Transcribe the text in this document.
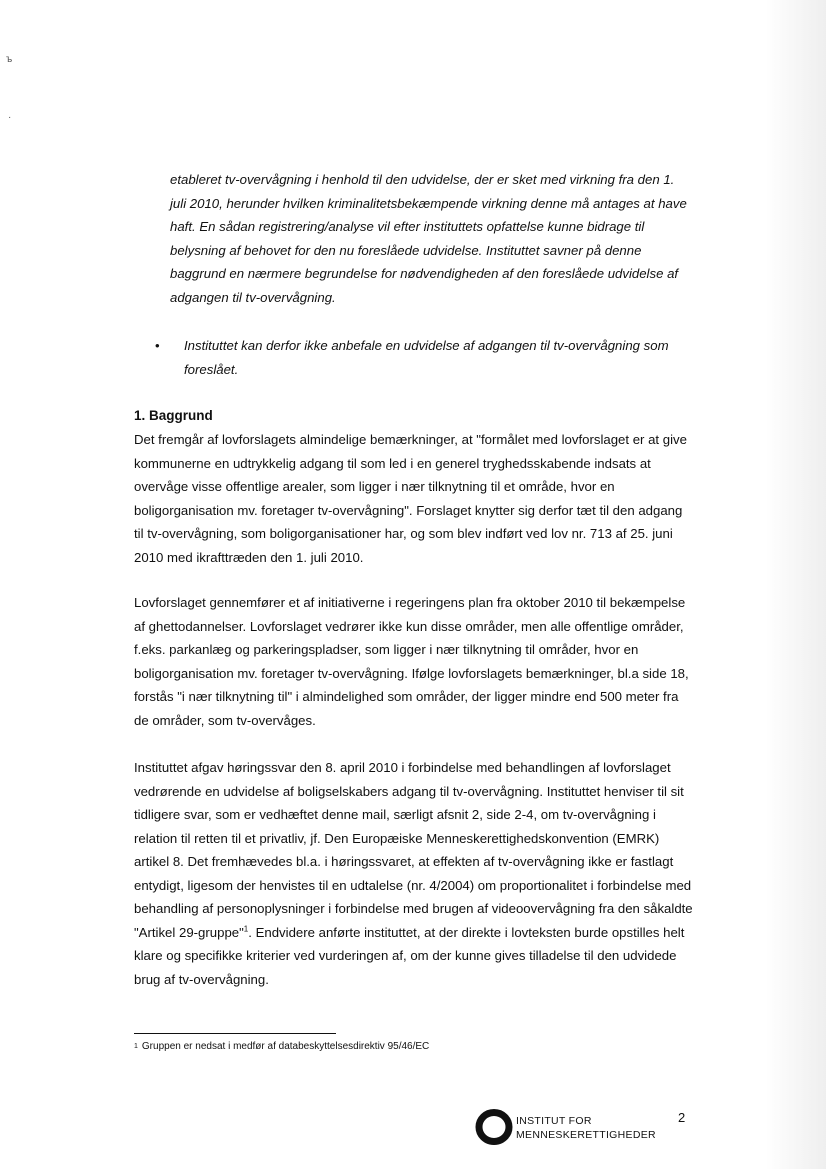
ъ
·
etableret tv-overvågning i henhold til den udvidelse, der er sket med virkning fra den 1. juli 2010, herunder hvilken kriminalitetsbekæmpende virkning denne må antages at have haft. En sådan registrering/analyse vil efter instituttets opfattelse kunne bidrage til belysning af behovet for den nu foreslåede udvidelse. Instituttet savner på denne baggrund en nærmere begrundelse for nødvendigheden af den foreslåede udvidelse af adgangen til tv-overvågning.
• Instituttet kan derfor ikke anbefale en udvidelse af adgangen til tv-overvågning som foreslået.
1. Baggrund
Det fremgår af lovforslagets almindelige bemærkninger, at "formålet med lovforslaget er at give kommunerne en udtrykkelig adgang til som led i en generel tryghedsskabende indsats at overvåge visse offentlige arealer, som ligger i nær tilknytning til et område, hvor en boligorganisation mv. foretager tv-overvågning". Forslaget knytter sig derfor tæt til den adgang til tv-overvågning, som boligorganisationer har, og som blev indført ved lov nr. 713 af 25. juni 2010 med ikrafttræden den 1. juli 2010.
Lovforslaget gennemfører et af initiativerne i regeringens plan fra oktober 2010 til bekæmpelse af ghettodannelser. Lovforslaget vedrører ikke kun disse områder, men alle offentlige områder, f.eks. parkanlæg og parkeringspladser, som ligger i nær tilknytning til områder, hvor en boligorganisation mv. foretager tv-overvågning. Ifølge lovforslagets bemærkninger, bl.a side 18, forstås "i nær tilknytning til" i almindelighed som områder, der ligger mindre end 500 meter fra de områder, som tv-overvåges.
Instituttet afgav høringssvar den 8. april 2010 i forbindelse med behandlingen af lovforslaget vedrørende en udvidelse af boligselskabers adgang til tv-overvågning. Instituttet henviser til sit tidligere svar, som er vedhæftet denne mail, særligt afsnit 2, side 2-4, om tv-overvågning i relation til retten til et privatliv, jf. Den Europæiske Menneskerettighedskonvention (EMRK) artikel 8. Det fremhævedes bl.a. i høringssvaret, at effekten af tv-overvågning ikke er fastlagt entydigt, ligesom der henvistes til en udtalelse (nr. 4/2004) om proportionalitet i forbindelse med behandling af personoplysninger i forbindelse med brugen af videoovervågning fra den såkaldte "Artikel 29-gruppe"$^1$. Endvidere anførte instituttet, at der direkte i lovteksten burde opstilles helt klare og specifikke kriterier ved vurderingen af, om der kunne gives tilladelse til den udvidede brug af tv-overvågning.
$^1$ Gruppen er nedsat i medfør af databeskyttelsesdirektiv 95/46/EC
INSTITUT FOR
MENNESKERETTIGHEDER
2
